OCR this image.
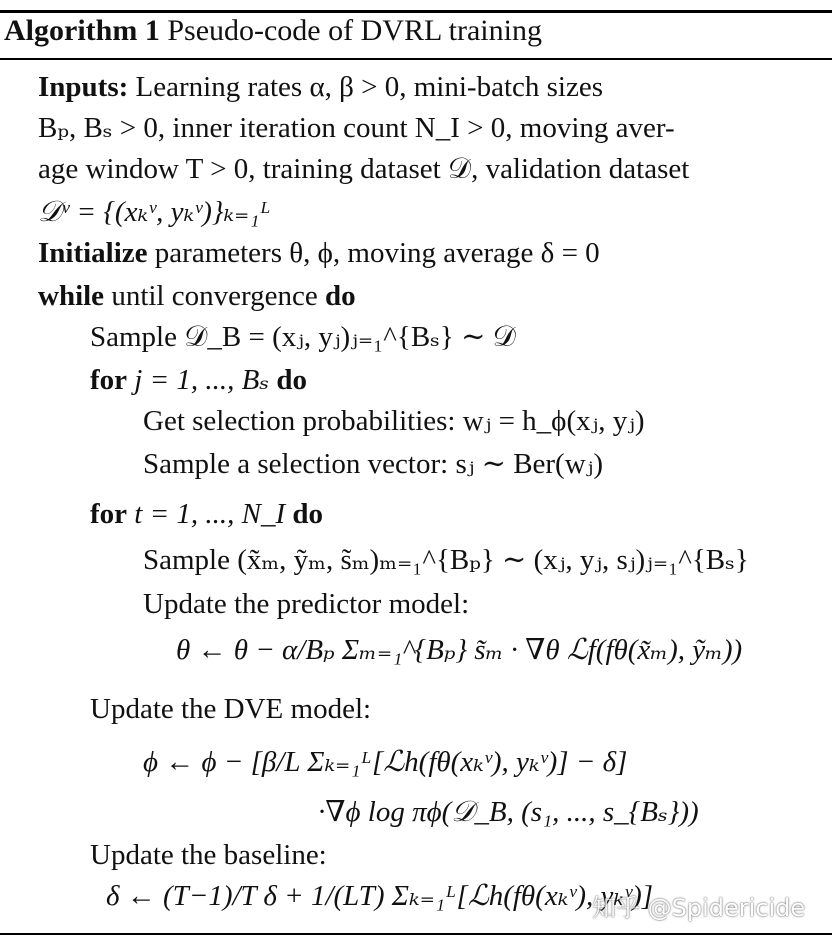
Algorithm 1 Pseudo-code of DVRL training
Inputs: Learning rates α, β > 0, mini-batch sizes
Bₚ, Bₛ > 0, inner iteration count N_I > 0, moving aver-
age window T > 0, training dataset 𝒟, validation dataset
𝒟ᵛ = {(xₖᵛ, yₖᵛ)}ₖ₌₁ᴸ
Initialize parameters θ, ϕ, moving average δ = 0
while until convergence do
Sample 𝒟_B = (xⱼ, yⱼ)ⱼ₌₁^{Bₛ} ∼ 𝒟
for j = 1, ..., Bₛ do
Get selection probabilities: wⱼ = h_ϕ(xⱼ, yⱼ)
Sample a selection vector: sⱼ ∼ Ber(wⱼ)
for t = 1, ..., N_I do
Sample (x̃ₘ, ỹₘ, s̃ₘ)ₘ₌₁^{Bₚ} ∼ (xⱼ, yⱼ, sⱼ)ⱼ₌₁^{Bₛ}
Update the predictor model:
θ ← θ − α/Bₚ Σₘ₌₁^{Bₚ} s̃ₘ · ∇θ ℒf(fθ(x̃ₘ), ỹₘ))
Update the DVE model:
ϕ ← ϕ − [β/L Σₖ₌₁ᴸ[ℒh(fθ(xₖᵛ), yₖᵛ)] − δ]
·∇ϕ log πϕ(𝒟_B, (s₁, ..., s_{Bₛ}))
Update the baseline:
δ ← (T−1)/T δ + 1/(LT) Σₖ₌₁ᴸ[ℒh(fθ(xₖᵛ), yₖᵛ)]
知乎 @Spidericide
